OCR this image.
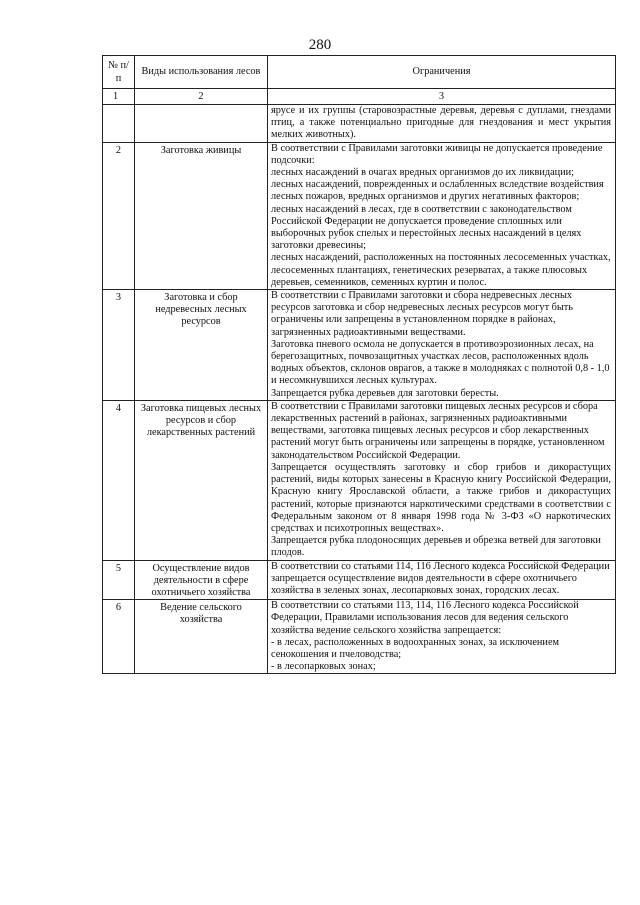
280
№ п/п	Виды использования лесов	Ограничения
1	2	3

		ярусе и их группы (старовозрастные деревья, деревья с дуплами, гнездами птиц, а также потенциально пригодные для гнездования и мест укрытия мелких животных).

2	Заготовка живицы	В соответствии с Правилами заготовки живицы не допускается проведение подсочки:

лесных насаждений в очагах вредных организмов до их ликвидации;

лесных насаждений, поврежденных и ослабленных вследствие воздействия лесных пожаров, вредных организмов и других негативных факторов;

лесных насаждений в лесах, где в соответствии с законодательством Российской Федерации не допускается проведение сплошных или выборочных рубок спелых и перестойных лесных насаждений в целях заготовки древесины;

лесных насаждений, расположенных на постоянных лесосеменных участках, лесосеменных плантациях, генетических резерватах, а также плюсовых деревьев, семенников, семенных куртин и полос.

3	Заготовка и сбор недревесных лесных ресурсов	В соответствии с Правилами заготовки и сбора недревесных лесных ресурсов заготовка и сбор недревесных лесных ресурсов могут быть ограничены или запрещены в установленном порядке в районах, загрязненных радиоактивными веществами.

Заготовка пневого осмола не допускается в противоэрозионных лесах, на берегозащитных, почвозащитных участках лесов, расположенных вдоль водных объектов, склонов оврагов, а также в молодняках с полнотой 0,8 - 1,0 и несомкнувшихся лесных культурах.

Запрещается рубка деревьев для заготовки бересты.

4	Заготовка пищевых лесных ресурсов и сбор лекарственных растений	В соответствии с Правилами заготовки пищевых лесных ресурсов и сбора лекарственных растений в районах, загрязненных радиоактивными веществами, заготовка пищевых лесных ресурсов и сбор лекарственных растений могут быть ограничены или запрещены в порядке, установленном законодательством Российской Федерации.

Запрещается осуществлять заготовку и сбор грибов и дикорастущих растений, виды которых занесены в Красную книгу Российской Федерации, Красную книгу Ярославской области, а также грибов и дикорастущих растений, которые признаются наркотическими средствами в соответствии с Федеральным законом от 8 января 1998 года № 3-ФЗ «О наркотических средствах и психотропных веществах».

Запрещается рубка плодоносящих деревьев и обрезка ветвей для заготовки плодов.

5	Осуществление видов деятельности в сфере охотничьего хозяйства	В соответствии со статьями 114, 116 Лесного кодекса Российской Федерации запрещается осуществление видов деятельности в сфере охотничьего хозяйства в зеленых зонах, лесопарковых зонах, городских лесах.

6	Ведение сельского хозяйства	В соответствии со статьями 113, 114, 116 Лесного кодекса Российской Федерации, Правилами использования лесов для ведения сельского хозяйства ведение сельского хозяйства запрещается:

- в лесах, расположенных в водоохранных зонах, за исключением сенокошения и пчеловодства;

- в лесопарковых зонах;
